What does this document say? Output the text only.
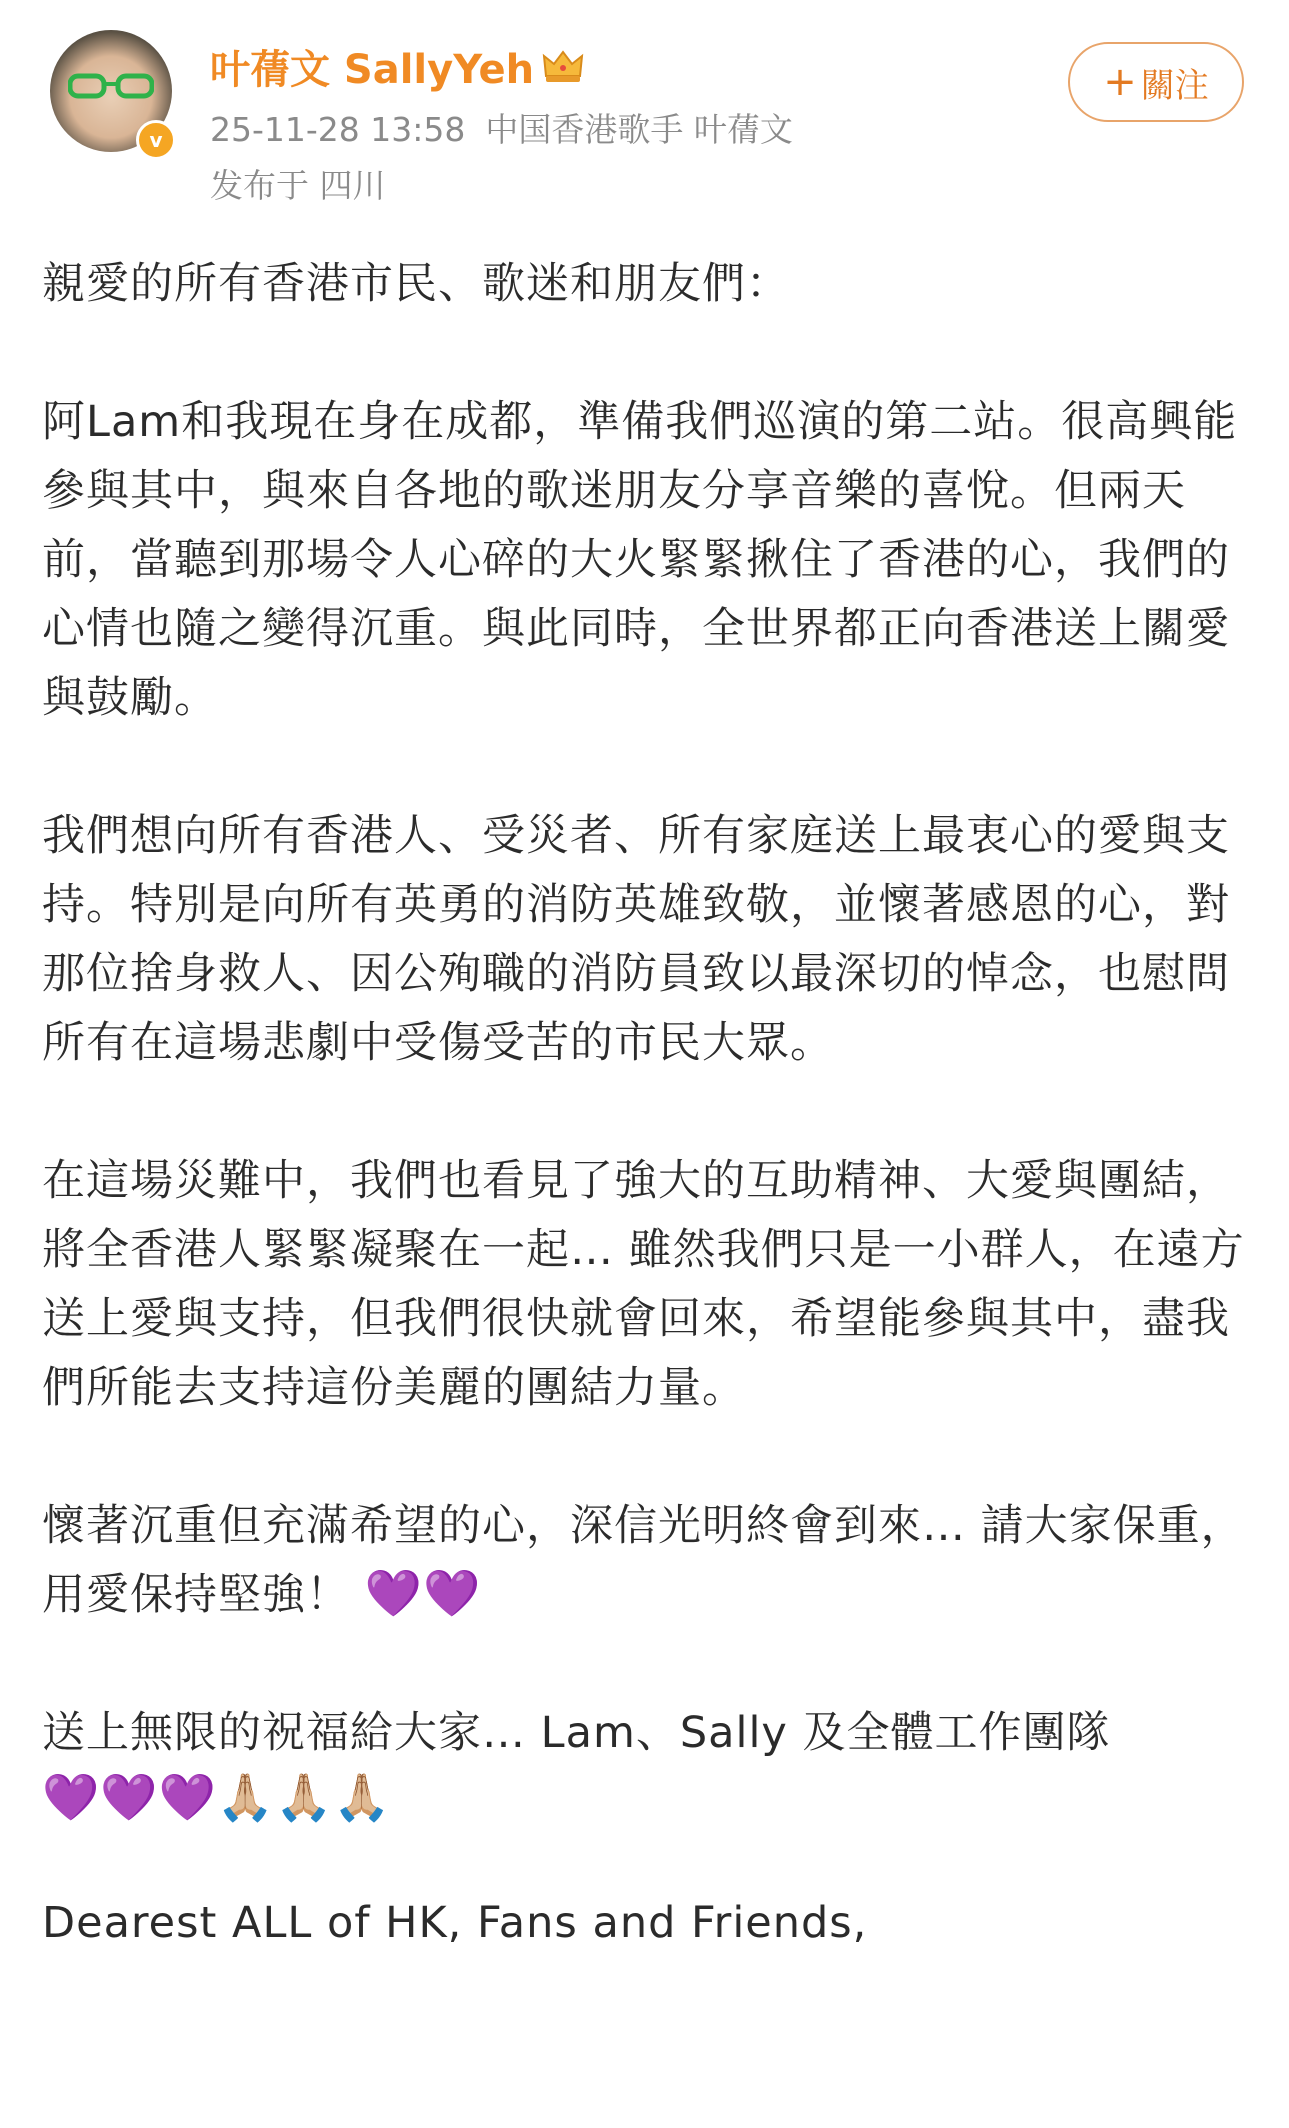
v
叶蒨文 SallyYeh
25-11-28 13:58 中国香港歌手 叶蒨文
发布于 四川
+ 關注

親愛的所有香港市民、歌迷和朋友們：

阿Lam和我現在身在成都，準備我們巡演的第二站。很高興能參與其中，與來自各地的歌迷朋友分享音樂的喜悅。但兩天前，當聽到那場令人心碎的大火緊緊揪住了香港的心，我們的心情也隨之變得沉重。與此同時，全世界都正向香港送上關愛與鼓勵。

我們想向所有香港人、受災者、所有家庭送上最衷心的愛與支持。特別是向所有英勇的消防英雄致敬，並懷著感恩的心，對那位捨身救人、因公殉職的消防員致以最深切的悼念，也慰問所有在這場悲劇中受傷受苦的市民大眾。

在這場災難中，我們也看見了強大的互助精神、大愛與團結，將全香港人緊緊凝聚在一起… 雖然我們只是一小群人，在遠方送上愛與支持，但我們很快就會回來，希望能參與其中，盡我們所能去支持這份美麗的團結力量。

懷著沉重但充滿希望的心，深信光明終會到來… 請大家保重，用愛保持堅強！ 💜💜

送上無限的祝福給大家… Lam、Sally 及全體工作團隊
💜💜💜🙏🏼🙏🏼🙏🏼

Dearest ALL of HK, Fans and Friends,
